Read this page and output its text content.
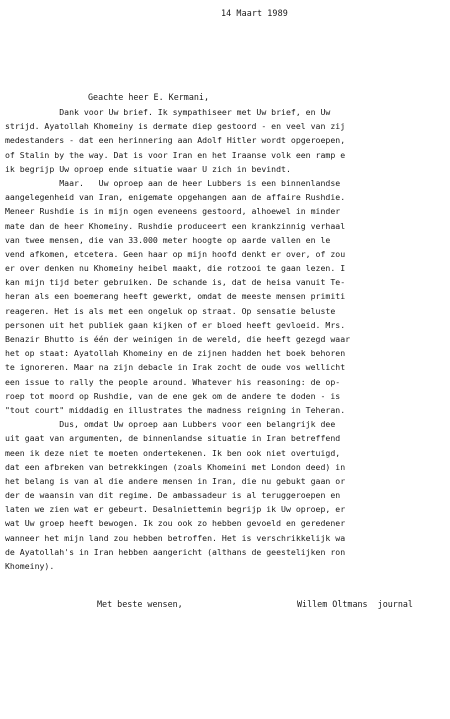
14 Maart 1989
Geachte heer E. Kermani,
Dank voor Uw brief. Ik sympathiseer met Uw brief, en Uw
strijd. Ayatollah Khomeiny is dermate diep gestoord - en veel van zij
medestanders - dat een herinnering aan Adolf Hitler wordt opgeroepen,
of Stalin by the way. Dat is voor Iran en het Iraanse volk een ramp e
ik begrijp Uw oproep ende situatie waar U zich in bevindt.
Maar.   Uw oproep aan de heer Lubbers is een binnenlandse
aangelegenheid van Iran, enigemate opgehangen aan de affaire Rushdie.
Meneer Rushdie is in mijn ogen eveneens gestoord, alhoewel in minder
mate dan de heer Khomeiny. Rushdie produceert een krankzinnig verhaal
van twee mensen, die van 33.000 meter hoogte op aarde vallen en le
vend afkomen, etcetera. Geen haar op mijn hoofd denkt er over, of zou
er over denken nu Khomeiny heibel maakt, die rotzooi te gaan lezen. I
kan mijn tijd beter gebruiken. De schande is, dat de heisa vanuit Te-
heran als een boemerang heeft gewerkt, omdat de meeste mensen primiti
reageren. Het is als met een ongeluk op straat. Op sensatie beluste
personen uit het publiek gaan kijken of er bloed heeft gevloeid. Mrs.
Benazir Bhutto is één der weinigen in de wereld, die heeft gezegd waar
het op staat: Ayatollah Khomeiny en de zijnen hadden het boek behoren
te ignoreren. Maar na zijn debacle in Irak zocht de oude vos wellicht
een issue to rally the people around. Whatever his reasoning: de op-
roep tot moord op Rushdie, van de ene gek om de andere te doden - is
"tout court" middadig en illustrates the madness reigning in Teheran.
Dus, omdat Uw oproep aan Lubbers voor een belangrijk dee
uit gaat van argumenten, de binnenlandse situatie in Iran betreffend
meen ik deze niet te moeten ondertekenen. Ik ben ook niet overtuigd,
dat een afbreken van betrekkingen (zoals Khomeini met London deed) in
het belang is van al die andere mensen in Iran, die nu gebukt gaan or
der de waansin van dit regime. De ambassadeur is al teruggeroepen en
laten we zien wat er gebeurt. Desalniettemin begrijp ik Uw oproep, er
wat Uw groep heeft bewogen. Ik zou ook zo hebben gevoeld en geredener
wanneer het mijn land zou hebben betroffen. Het is verschrikkelijk wa
de Ayatollah's in Iran hebben aangericht (althans de geestelijken ron
Khomeiny).

Met beste wensen,

	Willem Oltmans  journal
